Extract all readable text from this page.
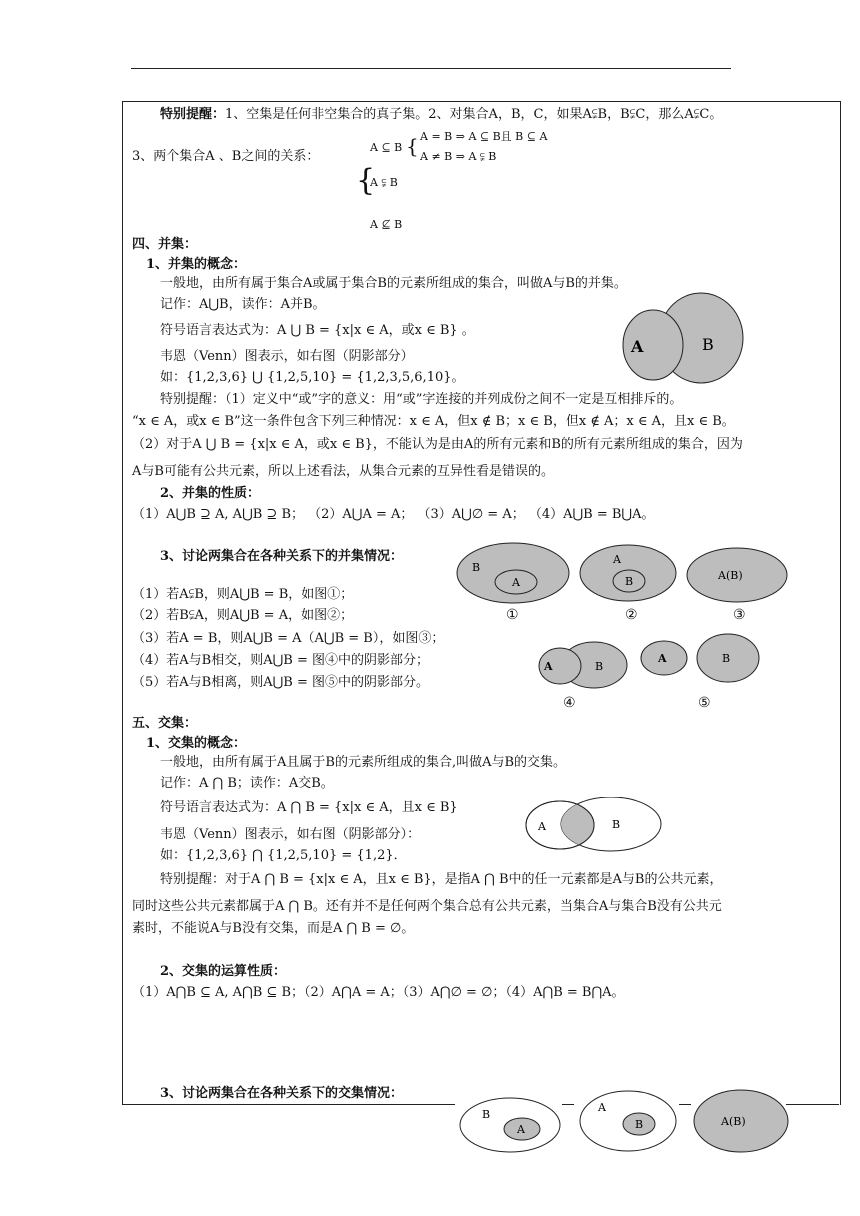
特别提醒：1、空集是任何非空集合的真子集。2、对集合A，B，C，如果A⫋B，B⫋C，那么A⫋C。
3、两个集合A 、B之间的关系：
{
A ⊆ B { A = B ⇒ A ⊆ B且 B ⊆ A
A ≠ B ⇒ A ⫋ B
A ⫋ B
A ⊈ B
四、并集：
1、并集的概念：
一般地，由所有属于集合A或属于集合B的元素所组成的集合，叫做A与B的并集。
记作：A⋃B，读作：A并B。
符号语言表达式为：A ⋃ B = {x|x ∈ A，或x ∈ B} 。
韦恩（Venn）图表示，如右图（阴影部分）
如：{1,2,3,6} ⋃ {1,2,5,10} = {1,2,3,5,6,10}。
A	B
特别提醒：（1）定义中“或”字的意义：用“或”字连接的并列成份之间不一定是互相排斥的。
“x ∈ A，或x ∈ B”这一条件包含下列三种情况：x ∈ A，但x ∉ B；x ∈ B，但x ∉ A；x ∈ A，且x ∈ B。
（2）对于A ⋃ B = {x|x ∈ A，或x ∈ B}，不能认为是由A的所有元素和B的所有元素所组成的集合，因为
A与B可能有公共元素，所以上述看法，从集合元素的互异性看是错误的。
2、并集的性质：
（1）A⋃B ⊇ A, A⋃B ⊇ B； （2）A⋃A = A； （3）A⋃∅ = A； （4）A⋃B = B⋃A。
3、讨论两集合在各种关系下的并集情况：
B
A
A
B	A(B)
①	②	③
（1）若A⫋B，则A⋃B = B，如图①；
（2）若B⫋A，则A⋃B = A，如图②；
（3）若A = B，则A⋃B = A（A⋃B = B），如图③；
（4）若A与B相交，则A⋃B = 图④中的阴影部分；
（5）若A与B相离，则A⋃B = 图⑤中的阴影部分。
A	B
A	B
④	⑤
五、交集：
1、交集的概念：
一般地，由所有属于A且属于B的元素所组成的集合,叫做A与B的交集。
记作：A ⋂ B；读作：A交B。
符号语言表达式为：A ⋂ B = {x|x ∈ A，且x ∈ B}
韦恩（Venn）图表示，如右图（阴影部分）：
如：{1,2,3,6} ⋂ {1,2,5,10} = {1,2}．
A	B
特别提醒：对于A ⋂ B = {x|x ∈ A，且x ∈ B}，是指A ⋂ B中的任一元素都是A与B的公共元素，
同时这些公共元素都属于A ⋂ B。还有并不是任何两个集合总有公共元素，当集合A与集合B没有公共元
素时，不能说A与B没有交集，而是A ⋂ B = ∅。
2、交集的运算性质：
（1）A⋂B ⊆ A, A⋂B ⊆ B；（2）A⋂A = A；（3）A⋂∅ = ∅；（4）A⋂B = B⋂A。
3、讨论两集合在各种关系下的交集情况：
B
A
A
B	A(B)
